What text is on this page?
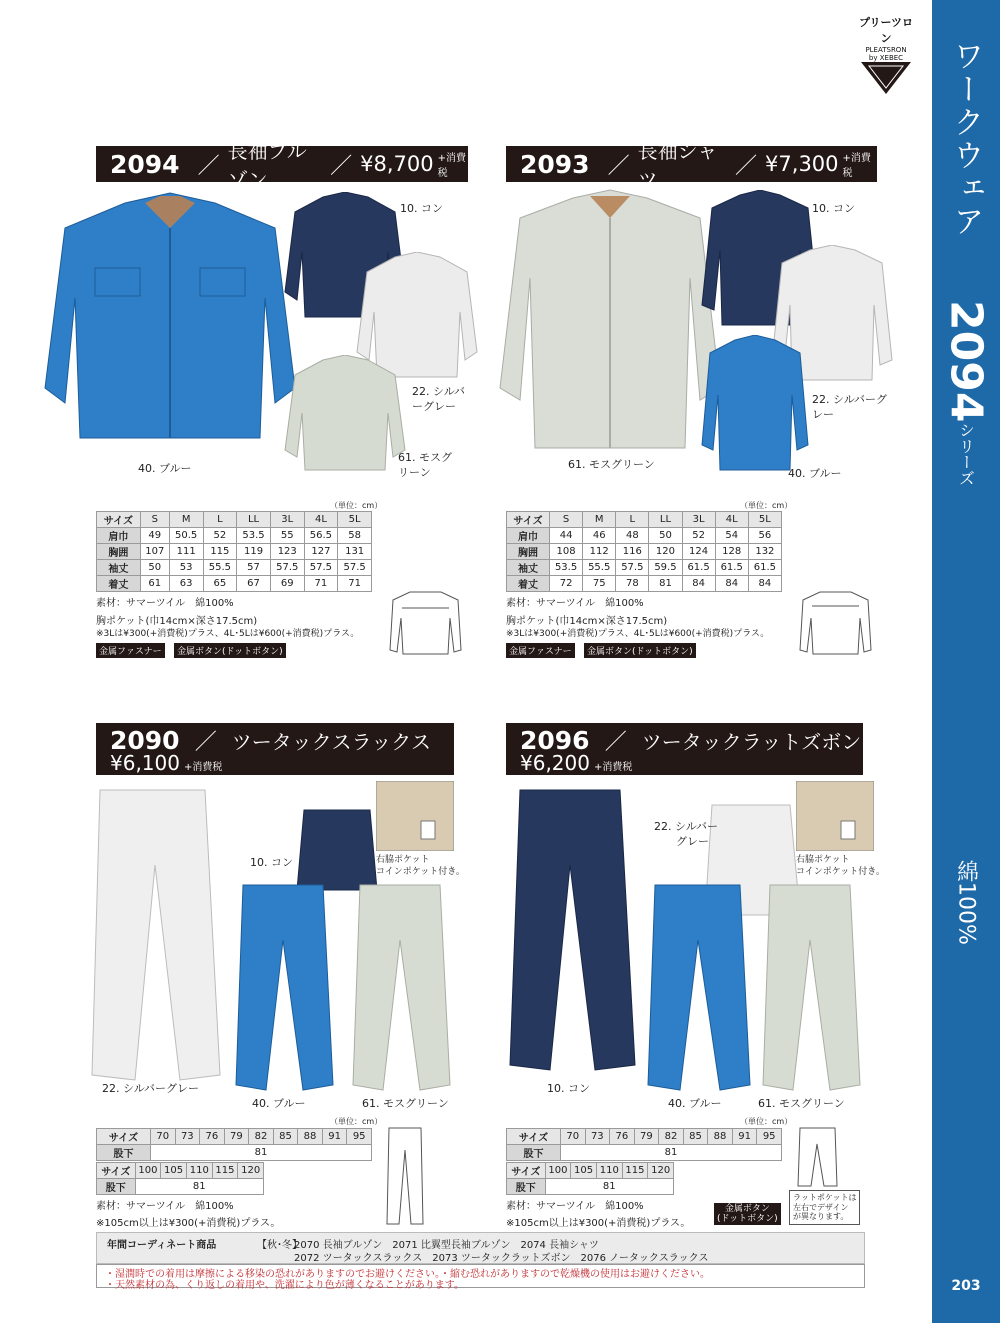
ワークウェア
2094
シリーズ
綿100%
203
プリーツロン
PLEATSRON
by XEBEC
2094 ／
長袖ブルゾン
／ ¥8,700 +消費税
10. コン
22. シルバーグレー
61. モスグリーン
40. ブルー
（単位：cm）
サイズ	S	M	L	LL	3L	4L	5L
肩巾	49	50.5	52	53.5	55	56.5	58
胸囲	107	111	115	119	123	127	131
袖丈	50	53	55.5	57	57.5	57.5	57.5
着丈	61	63	65	67	69	71	71
素材：サマーツイル　綿100%
胸ポケット(巾14cm×深さ17.5cm)
※3Lは¥300(+消費税)プラス、4L･5Lは¥600(+消費税)プラス。
金属ファスナー	金属ボタン(ドットボタン)
2093 ／
長袖シャツ
／ ¥7,300 +消費税
10. コン
22. シルバーグレー
61. モスグリーン
40. ブルー
（単位：cm）
サイズ	S	M	L	LL	3L	4L	5L
肩巾	44	46	48	50	52	54	56
胸囲	108	112	116	120	124	128	132
袖丈	53.5	55.5	57.5	59.5	61.5	61.5	61.5
着丈	72	75	78	81	84	84	84
素材：サマーツイル　綿100%
胸ポケット(巾14cm×深さ17.5cm)
※3Lは¥300(+消費税)プラス、4L･5Lは¥600(+消費税)プラス。
金属ファスナー	金属ボタン(ドットボタン)
2090 ／ ツータックスラックス
¥6,100 +消費税
右脇ポケット
コインポケット付き。
10. コン
22. シルバーグレー
40. ブルー	61. モスグリーン
（単位：cm）
サイズ	70	73	76	79	82	85	88	91	95
股下	81								
サイズ	100	105	110	115	120
股下	81				
素材：サマーツイル　綿100%
※105cm以上は¥300(+消費税)プラス。
2096 ／ ツータックラットズボン
¥6,200 +消費税
右脇ポケット
コインポケット付き。
22. シルバー
グレー
10. コン
40. ブルー	61. モスグリーン
（単位：cm）
サイズ	70	73	76	79	82	85	88	91	95
股下	81								
サイズ	100	105	110	115	120
股下	81				
素材：サマーツイル　綿100%
※105cm以上は¥300(+消費税)プラス。
金属ボタン
(ドットボタン)
ラットポケットは
左右でデザイン
が異なります。
年間コーディネート商品	【秋･冬】
2070 長袖ブルゾン　2071 比翼型長袖ブルゾン　2074 長袖シャツ
2072 ツータックスラックス　2073 ツータックラットズボン　2076 ノータックスラックス
・湿潤時での着用は摩擦による移染の恐れがありますのでお避けください。・縮む恐れがありますので乾燥機の使用はお避けください。
・天然素材の為、くり返しの着用や、洗濯により色が薄くなることがあります。
